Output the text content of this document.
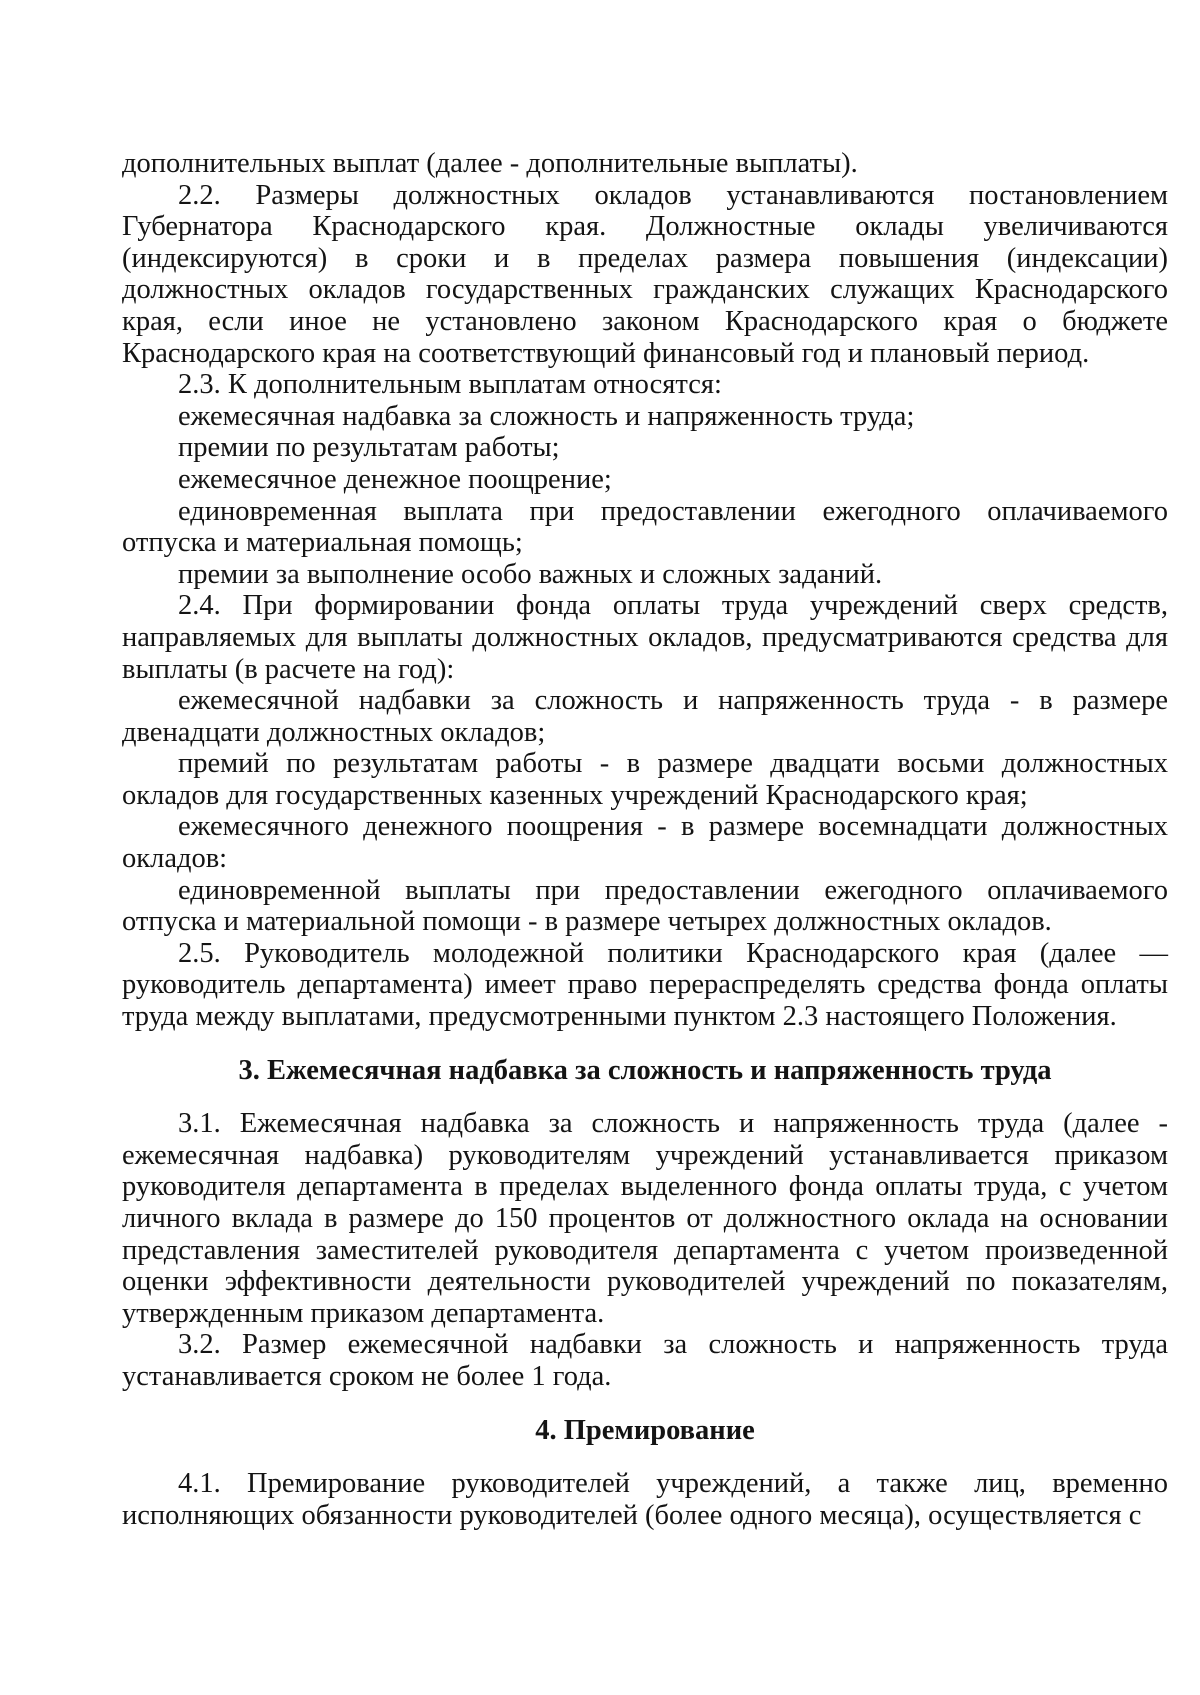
дополнительных выплат (далее - дополнительные выплаты).

2.2. Размеры должностных окладов устанавливаются постановлением Губернатора Краснодарского края. Должностные оклады увеличиваются (индексируются) в сроки и в пределах размера повышения (индексации) должностных окладов государственных гражданских служащих Краснодарского края, если иное не установлено законом Краснодарского края о бюджете Краснодарского края на соответствующий финансовый год и плановый период.

2.3. К дополнительным выплатам относятся:

ежемесячная надбавка за сложность и напряженность труда;

премии по результатам работы;

ежемесячное денежное поощрение;

единовременная выплата при предоставлении ежегодного оплачиваемого отпуска и материальная помощь;

премии за выполнение особо важных и сложных заданий.

2.4. При формировании фонда оплаты труда учреждений сверх средств, направляемых для выплаты должностных окладов, предусматриваются средства для выплаты (в расчете на год):

ежемесячной надбавки за сложность и напряженность труда - в размере двенадцати должностных окладов;

премий по результатам работы - в размере двадцати восьми должностных окладов для государственных казенных учреждений Краснодарского края;

ежемесячного денежного поощрения - в размере восемнадцати должностных окладов:

единовременной выплаты при предоставлении ежегодного оплачиваемого отпуска и материальной помощи - в размере четырех должностных окладов.

2.5. Руководитель молодежной политики Краснодарского края (далее — руководитель департамента) имеет право перераспределять средства фонда оплаты труда между выплатами, предусмотренными пунктом 2.3 настоящего Положения.

3. Ежемесячная надбавка за сложность и напряженность труда

3.1. Ежемесячная надбавка за сложность и напряженность труда (далее - ежемесячная надбавка) руководителям учреждений устанавливается приказом руководителя департамента в пределах выделенного фонда оплаты труда, с учетом личного вклада в размере до 150 процентов от должностного оклада на основании представления заместителей руководителя департамента с учетом произведенной оценки эффективности деятельности руководителей учреждений по показателям, утвержденным приказом департамента.

3.2. Размер ежемесячной надбавки за сложность и напряженность труда устанавливается сроком не более 1 года.

4. Премирование

4.1. Премирование руководителей учреждений, а также лиц, временно исполняющих обязанности руководителей (более одного месяца), осуществляется с
